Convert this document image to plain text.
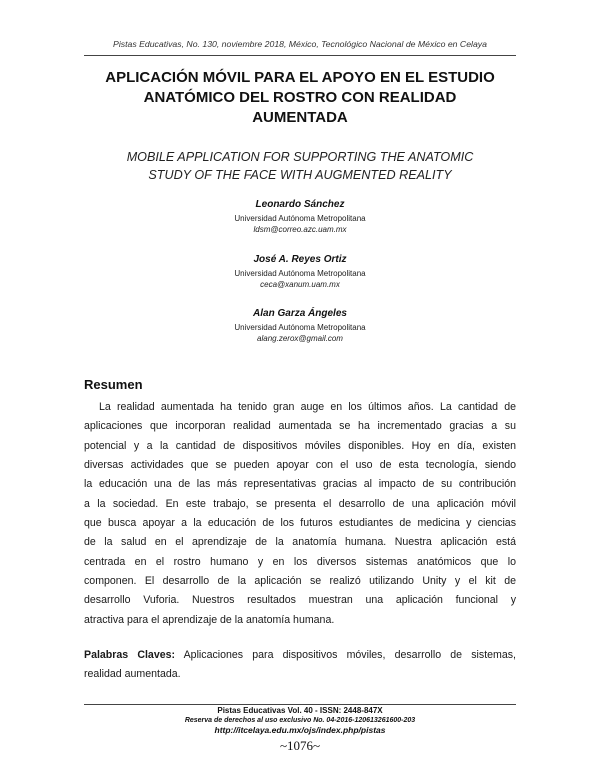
Pistas Educativas, No. 130, noviembre 2018, México, Tecnológico Nacional de México en Celaya
APLICACIÓN MÓVIL PARA EL APOYO EN EL ESTUDIO
ANATÓMICO DEL ROSTRO CON REALIDAD
AUMENTADA
MOBILE APPLICATION FOR SUPPORTING THE ANATOMIC
STUDY OF THE FACE WITH AUGMENTED REALITY
Leonardo Sánchez
Universidad Autónoma Metropolitana
ldsm@correo.azc.uam.mx
José A. Reyes Ortiz
Universidad Autónoma Metropolitana
ceca@xanum.uam.mx
Alan Garza Ángeles
Universidad Autónoma Metropolitana
alang.zerox@gmail.com
Resumen
La realidad aumentada ha tenido gran auge en los últimos años. La cantidad de
aplicaciones que incorporan realidad aumentada se ha incrementado gracias a su
potencial y a la cantidad de dispositivos móviles disponibles. Hoy en día, existen
diversas actividades que se pueden apoyar con el uso de esta tecnología, siendo
la educación una de las más representativas gracias al impacto de su contribución
a la sociedad. En este trabajo, se presenta el desarrollo de una aplicación móvil
que busca apoyar a la educación de los futuros estudiantes de medicina y ciencias
de la salud en el aprendizaje de la anatomía humana. Nuestra aplicación está
centrada en el rostro humano y en los diversos sistemas anatómicos que lo
componen. El desarrollo de la aplicación se realizó utilizando Unity y el kit de
desarrollo Vuforia. Nuestros resultados muestran una aplicación funcional y
atractiva para el aprendizaje de la anatomía humana.
Palabras Claves: Aplicaciones para dispositivos móviles, desarrollo de sistemas,
realidad aumentada.
Pistas Educativas Vol. 40 - ISSN: 2448-847X
Reserva de derechos al uso exclusivo No. 04-2016-120613261600-203
http://itcelaya.edu.mx/ojs/index.php/pistas
~1076~
